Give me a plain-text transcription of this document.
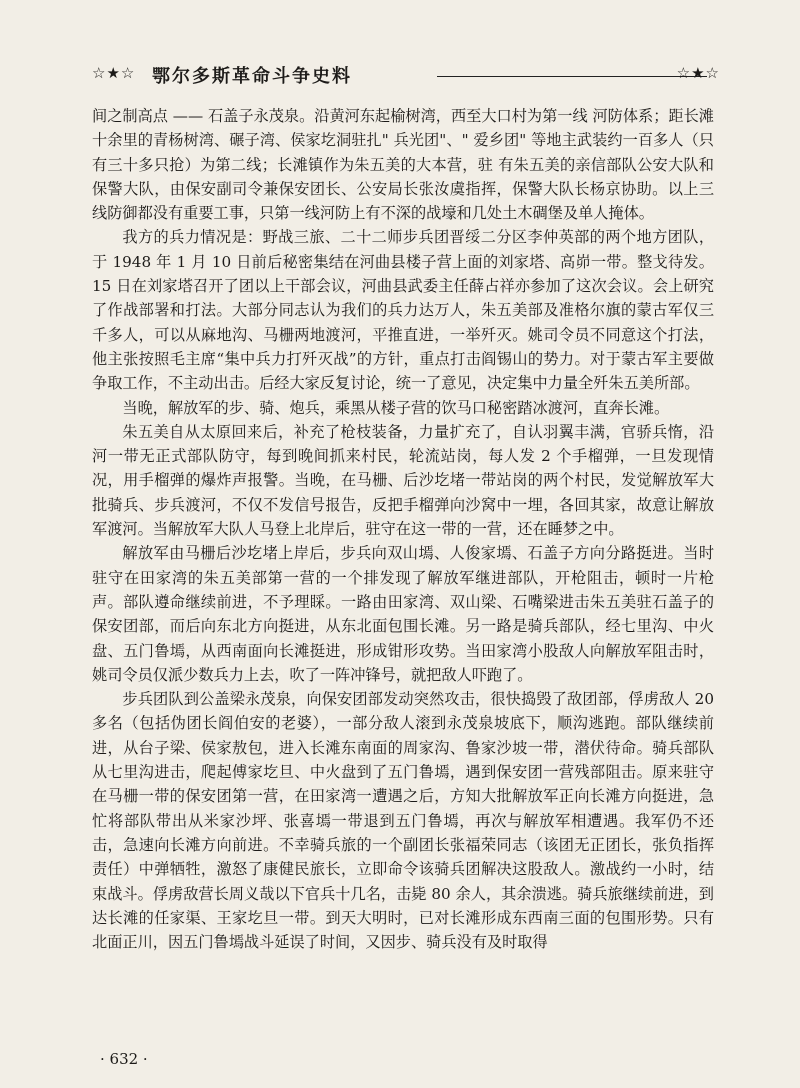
☆★☆ 鄂尔多斯革命斗争史料	☆★☆

间之制高点 —— 石盖子永茂泉。沿黄河东起榆树湾，西至大口村为第一线 河防体系；距长滩十余里的青杨树湾、碾子湾、侯家圪洞驻扎" 兵光团"、" 爱乡团" 等地主武装约一百多人（只有三十多只抢）为第二线；长滩镇作为朱五美的大本营，驻 有朱五美的亲信部队公安大队和保警大队，由保安副司令兼保安团长、公安局长张汝虞指挥，保警大队长杨京协助。以上三线防御都没有重要工事，只第一线河防上有不深的战壕和几处土木碉堡及单人掩体。

我方的兵力情况是：野战三旅、二十二师步兵团晋绥二分区李仲英部的两个地方团队，于 1948 年 1 月 10 日前后秘密集结在河曲县楼子营上面的刘家塔、高峁一带。整戈待发。15 日在刘家塔召开了团以上干部会议，河曲县武委主任薛占祥亦参加了这次会议。会上研究了作战部署和打法。大部分同志认为我们的兵力达万人，朱五美部及准格尔旗的蒙古军仅三千多人，可以从麻地沟、马栅两地渡河，平推直进，一举歼灭。姚司令员不同意这个打法，他主张按照毛主席“集中兵力打歼灭战”的方针，重点打击阎锡山的势力。对于蒙古军主要做争取工作，不主动出击。后经大家反复讨论，统一了意见，决定集中力量全歼朱五美所部。

当晚，解放军的步、骑、炮兵，乘黑从楼子营的饮马口秘密踏冰渡河，直奔长滩。

朱五美自从太原回来后，补充了枪枝装备，力量扩充了，自认羽翼丰满，官骄兵惰，沿河一带无正式部队防守，每到晚间抓来村民，轮流站岗，每人发 2 个手榴弹，一旦发现情况，用手榴弹的爆炸声报警。当晚，在马栅、后沙圪堵一带站岗的两个村民，发觉解放军大批骑兵、步兵渡河，不仅不发信号报告，反把手榴弹向沙窝中一埋，各回其家，故意让解放军渡河。当解放军大队人马登上北岸后，驻守在这一带的一营，还在睡梦之中。

解放军由马栅后沙圪堵上岸后，步兵向双山墕、人俊家墕、石盖子方向分路挺进。当时驻守在田家湾的朱五美部第一营的一个排发现了解放军继进部队，开枪阻击，顿时一片枪声。部队遵命继续前进，不予理睬。一路由田家湾、双山梁、石嘴梁进击朱五美驻石盖子的保安团部，而后向东北方向挺进，从东北面包围长滩。另一路是骑兵部队，经七里沟、中火盘、五门鲁墕，从西南面向长滩挺进，形成钳形攻势。当田家湾小股敌人向解放军阻击时，姚司令员仅派少数兵力上去，吹了一阵冲锋号，就把敌人吓跑了。

步兵团队到公盖梁永茂泉，向保安团部发动突然攻击，很快捣毁了敌团部，俘虏敌人 20 多名（包括伪团长阎伯安的老婆），一部分敌人滚到永茂泉坡底下，顺沟逃跑。部队继续前进，从台子梁、侯家敖包，进入长滩东南面的周家沟、鲁家沙坡一带，潜伏待命。骑兵部队从七里沟进击，爬起傅家圪旦、中火盘到了五门鲁墕，遇到保安团一营残部阻击。原来驻守在马栅一带的保安团第一营，在田家湾一遭遇之后，方知大批解放军正向长滩方向挺进，急忙将部队带出从米家沙坪、张喜墕一带退到五门鲁墕，再次与解放军相遭遇。我军仍不还击，急速向长滩方向前进。不幸骑兵旅的一个副团长张福荣同志（该团无正团长，张负指挥责任）中弹牺牲，激怒了康健民旅长，立即命令该骑兵团解决这股敌人。激战约一小时，结束战斗。俘虏敌营长周义哉以下官兵十几名，击毙 80 余人，其余溃逃。骑兵旅继续前进，到达长滩的任家渠、王家圪旦一带。到天大明时，已对长滩形成东西南三面的包围形势。只有北面正川，因五门鲁墕战斗延误了时间，又因步、骑兵没有及时取得

· 632 ·
